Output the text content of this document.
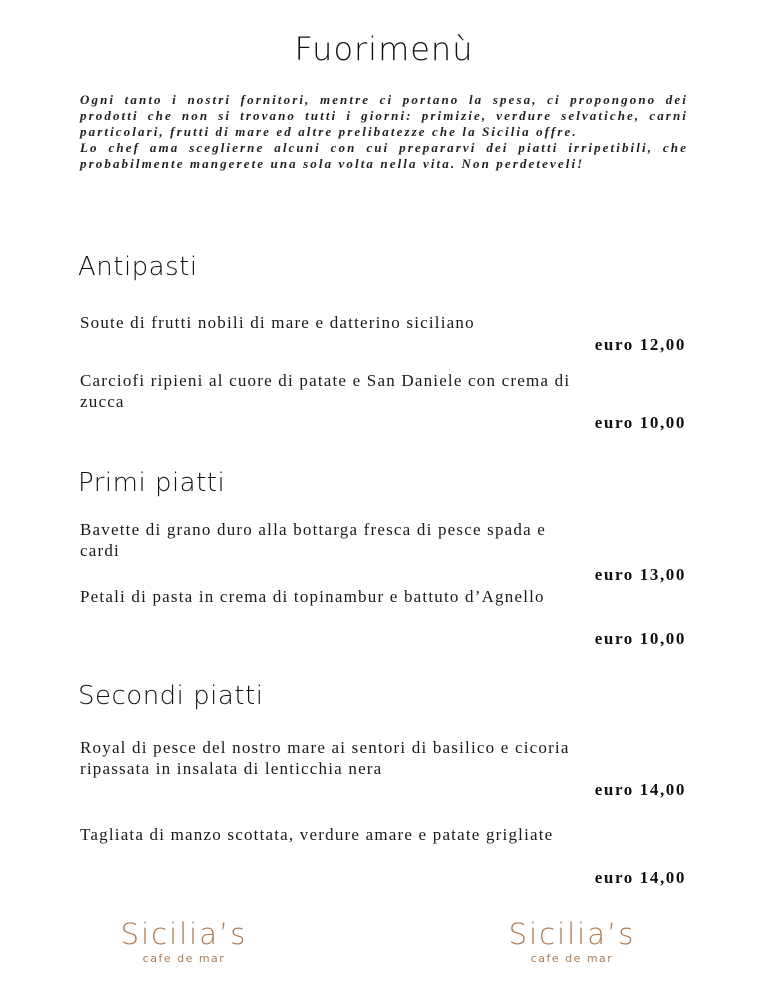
Fuorimenù

Ogni tanto i nostri fornitori, mentre ci portano la spesa, ci propongono dei prodotti che non si trovano tutti i giorni: primizie, verdure selvatiche, carni particolari, frutti di mare ed altre prelibatezze che la Sicilia offre.

Lo chef ama sceglierne alcuni con cui prepararvi dei piatti irripetibili, che probabilmente mangerete una sola volta nella vita. Non perdeteveli!

Antipasti
Soute di frutti nobili di mare e datterino siciliano
euro 12,00
Carciofi ripieni al cuore di patate e San Daniele con crema di zucca
euro 10,00
Primi piatti
Bavette di grano duro alla bottarga fresca di pesce spada e cardi
euro 13,00
Petali di pasta in crema di topinambur e battuto d’Agnello
euro 10,00
Secondi piatti
Royal di pesce del nostro mare ai sentori di basilico e cicoria ripassata in insalata di lenticchia nera
euro 14,00
Tagliata di manzo scottata, verdure amare e patate grigliate
euro 14,00
Sicilia’s
cafe de mar
Sicilia’s
cafe de mar
